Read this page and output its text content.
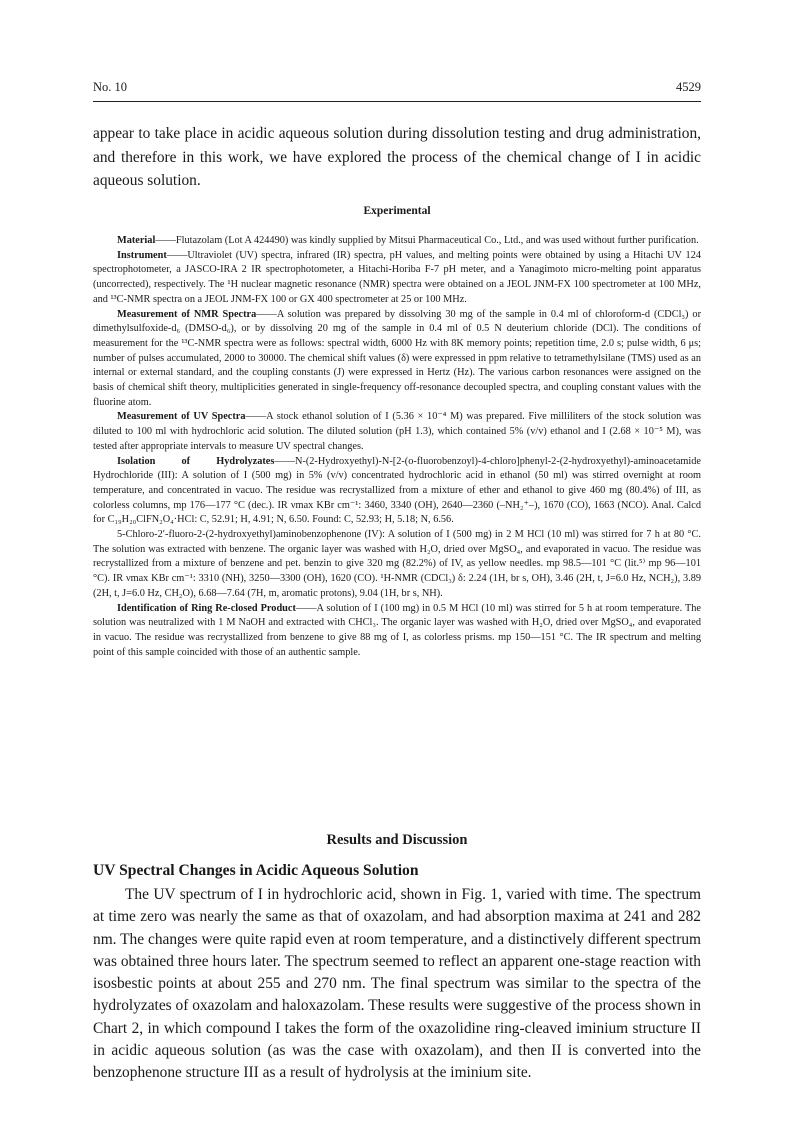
No. 10	4529
appear to take place in acidic aqueous solution during dissolution testing and drug administration, and therefore in this work, we have explored the process of the chemical change of I in acidic aqueous solution.
Experimental

Material——Flutazolam (Lot A 424490) was kindly supplied by Mitsui Pharmaceutical Co., Ltd., and was used without further purification.

Instrument——Ultraviolet (UV) spectra, infrared (IR) spectra, pH values, and melting points were obtained by using a Hitachi UV 124 spectrophotometer, a JASCO-IRA 2 IR spectrophotometer, a Hitachi-Horiba F-7 pH meter, and a Yanagimoto micro-melting point apparatus (uncorrected), respectively. The ¹H nuclear magnetic resonance (NMR) spectra were obtained on a JEOL JNM-FX 100 spectrometer at 100 MHz, and ¹³C-NMR spectra on a JEOL JNM-FX 100 or GX 400 spectrometer at 25 or 100 MHz.

Measurement of NMR Spectra——A solution was prepared by dissolving 30 mg of the sample in 0.4 ml of chloroform-d (CDCl₃) or dimethylsulfoxide-d₆ (DMSO-d₆), or by dissolving 20 mg of the sample in 0.4 ml of 0.5 N deuterium chloride (DCl). The conditions of measurement for the ¹³C-NMR spectra were as follows: spectral width, 6000 Hz with 8K memory points; repetition time, 2.0 s; pulse width, 6 μs; number of pulses accumulated, 2000 to 30000. The chemical shift values (δ) were expressed in ppm relative to tetramethylsilane (TMS) used as an internal or external standard, and the coupling constants (J) were expressed in Hertz (Hz). The various carbon resonances were assigned on the basis of chemical shift theory, multiplicities generated in single-frequency off-resonance decoupled spectra, and coupling constant values with the fluorine atom.

Measurement of UV Spectra——A stock ethanol solution of I (5.36 × 10⁻⁴ M) was prepared. Five milliliters of the stock solution was diluted to 100 ml with hydrochloric acid solution. The diluted solution (pH 1.3), which contained 5% (v/v) ethanol and I (2.68 × 10⁻⁵ M), was tested after appropriate intervals to measure UV spectral changes.

Isolation of Hydrolyzates——N-(2-Hydroxyethyl)-N-[2-(o-fluorobenzoyl)-4-chloro]phenyl-2-(2-hydroxyethyl)-aminoacetamide Hydrochloride (III): A solution of I (500 mg) in 5% (v/v) concentrated hydrochloric acid in ethanol (50 ml) was stirred overnight at room temperature, and concentrated in vacuo. The residue was recrystallized from a mixture of ether and ethanol to give 460 mg (80.4%) of III, as colorless columns, mp 176—177 °C (dec.). IR νmax KBr cm⁻¹: 3460, 3340 (OH), 2640—2360 (–NH₂⁺–), 1670 (CO), 1663 (NCO). Anal. Calcd for C₁₉H₂₀ClFN₂O₄·HCl: C, 52.91; H, 4.91; N, 6.50. Found: C, 52.93; H, 5.18; N, 6.56.

5-Chloro-2′-fluoro-2-(2-hydroxyethyl)aminobenzophenone (IV): A solution of I (500 mg) in 2 M HCl (10 ml) was stirred for 7 h at 80 °C. The solution was extracted with benzene. The organic layer was washed with H₂O, dried over MgSO₄, and evaporated in vacuo. The residue was recrystallized from a mixture of benzene and pet. benzin to give 320 mg (82.2%) of IV, as yellow needles. mp 98.5—101 °C (lit.⁵⁾ mp 96—101 °C). IR νmax KBr cm⁻¹: 3310 (NH), 3250—3300 (OH), 1620 (CO). ¹H-NMR (CDCl₃) δ: 2.24 (1H, br s, OH), 3.46 (2H, t, J=6.0 Hz, NCH₂), 3.89 (2H, t, J=6.0 Hz, CH₂O), 6.68—7.64 (7H, m, aromatic protons), 9.04 (1H, br s, NH).

Identification of Ring Re-closed Product——A solution of I (100 mg) in 0.5 M HCl (10 ml) was stirred for 5 h at room temperature. The solution was neutralized with 1 M NaOH and extracted with CHCl₃. The organic layer was washed with H₂O, dried over MgSO₄, and evaporated in vacuo. The residue was recrystallized from benzene to give 88 mg of I, as colorless prisms. mp 150—151 °C. The IR spectrum and melting point of this sample coincided with those of an authentic sample.

Results and Discussion
UV Spectral Changes in Acidic Aqueous Solution

The UV spectrum of I in hydrochloric acid, shown in Fig. 1, varied with time. The spectrum at time zero was nearly the same as that of oxazolam, and had absorption maxima at 241 and 282 nm. The changes were quite rapid even at room temperature, and a distinctively different spectrum was obtained three hours later. The spectrum seemed to reflect an apparent one-stage reaction with isosbestic points at about 255 and 270 nm. The final spectrum was similar to the spectra of the hydrolyzates of oxazolam and haloxazolam. These results were suggestive of the process shown in Chart 2, in which compound I takes the form of the oxazolidine ring-cleaved iminium structure II in acidic aqueous solution (as was the case with oxazolam), and then II is converted into the benzophenone structure III as a result of hydrolysis at the iminium site.
